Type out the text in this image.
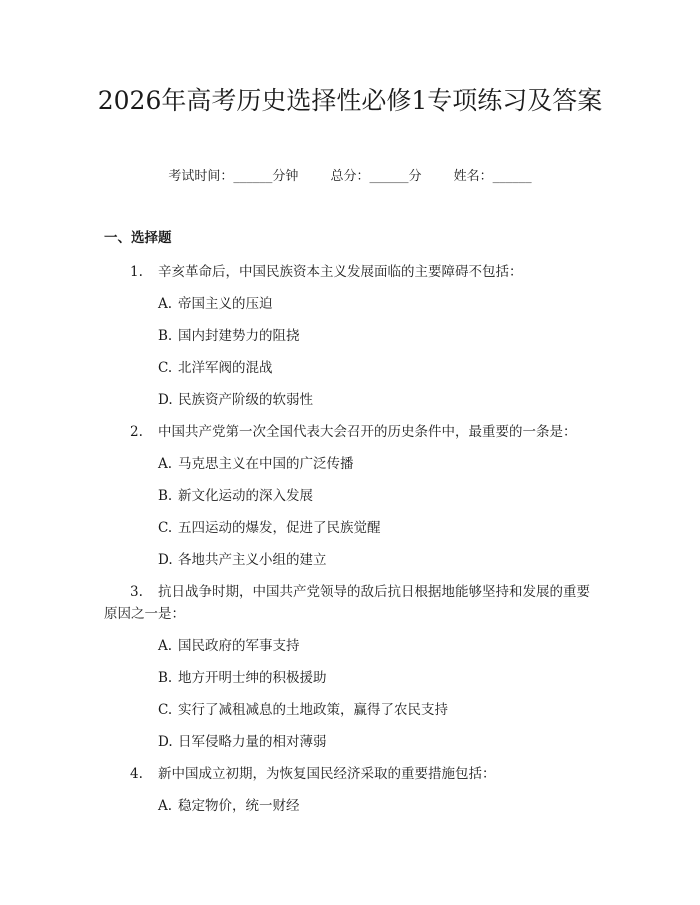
2026年高考历史选择性必修1专项练习及答案
考试时间：______分钟 总分：______分 姓名：______
一、选择题
1. 辛亥革命后，中国民族资本主义发展面临的主要障碍不包括：
A. 帝国主义的压迫
B. 国内封建势力的阻挠
C. 北洋军阀的混战
D. 民族资产阶级的软弱性
2. 中国共产党第一次全国代表大会召开的历史条件中，最重要的一条是：
A. 马克思主义在中国的广泛传播
B. 新文化运动的深入发展
C. 五四运动的爆发，促进了民族觉醒
D. 各地共产主义小组的建立
3. 抗日战争时期，中国共产党领导的敌后抗日根据地能够坚持和发展的重要
原因之一是：
A. 国民政府的军事支持
B. 地方开明士绅的积极援助
C. 实行了减租减息的土地政策，赢得了农民支持
D. 日军侵略力量的相对薄弱
4. 新中国成立初期，为恢复国民经济采取的重要措施包括：
A. 稳定物价，统一财经
